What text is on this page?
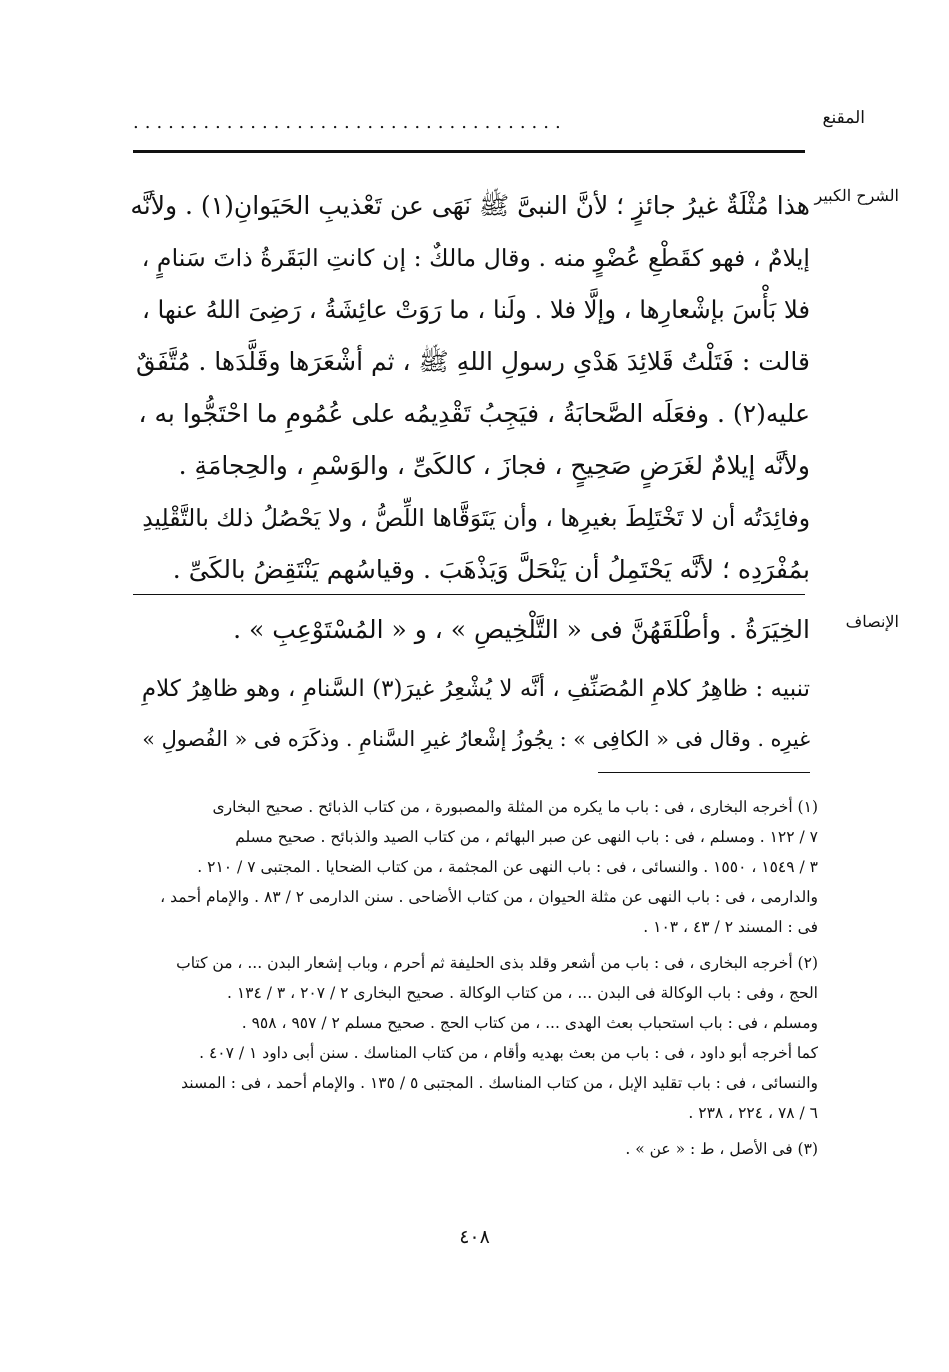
المقنع
.....................................
الشرح الكبير
الإنصاف
هذا مُثْلَةٌ غيرُ جائزٍ ؛ لأنَّ النبىَّ ﷺ نَهَى عن تَعْذيبِ الحَيَوانِ(١) . ولأنَّه
إيلامٌ ، فهو كقَطْعِ عُضْوٍ منه . وقال مالكٌ : إن كانتِ البَقَرةُ ذاتَ سَنامٍ ،
فلا بَأْسَ بإشْعارِها ، وإلَّا فلا . ولَنا ، ما رَوَتْ عائِشَةُ ، رَضِىَ اللهُ عنها ،
قالت : فَتَلْتُ قَلائِدَ هَدْىِ رسولِ اللهِ ﷺ ، ثم أشْعَرَها وقَلَّدَها . مُتَّفَقٌ
عليه(٢) . وفعَلَه الصَّحابَةُ ، فيَجِبُ تَقْدِيمُه على عُمُومِ ما احْتَجُّوا به ،
ولأنَّه إيلامٌ لغَرَضٍ صَحِيحٍ ، فجازَ ، كالكَىِّ ، والوَسْمِ ، والحِجامَةِ .
وفائِدَتُه أن لا تَخْتَلِطَ بغيرِها ، وأن يَتَوَقَّاها اللِّصُّ ، ولا يَحْصُلُ ذلك بالتَّقْلِيدِ
بمُفْرَدِه ؛ لأنَّه يَحْتَمِلُ أن يَنْحَلَّ وَيَذْهَبَ . وقياسُهم يَنْتَقِضُ بالكَىِّ .
الخِيَرَةُ . وأطْلَقَهُنَّ فى « التَّلْخِيصِ » ، و « المُسْتَوْعِبِ » .
تنبيه : ظاهِرُ كلامِ المُصَنِّفِ ، أنَّه لا يُشْعِرُ غيرَ(٣) السَّنامِ ، وهو ظاهِرُ كلامِ
غيرِه . وقال فى « الكافِى » : يجُوزُ إشْعارُ غيرِ السَّنامِ . وذكَرَه فى « الفُصولِ »
(١) أخرجه البخارى ، فى : باب ما يكره من المثلة والمصبورة ، من كتاب الذبائح . صحيح البخارى
٧ / ١٢٢ . ومسلم ، فى : باب النهى عن صبر البهائم ، من كتاب الصيد والذبائح . صحيح مسلم
٣ / ١٥٤٩ ، ١٥٥٠ . والنسائى ، فى : باب النهى عن المجثمة ، من كتاب الضحايا . المجتبى ٧ / ٢١٠ .
والدارمى ، فى : باب النهى عن مثلة الحيوان ، من كتاب الأضاحى . سنن الدارمى ٢ / ٨٣ . والإمام أحمد ،
فى : المسند ٢ / ٤٣ ، ١٠٣ .
(٢) أخرجه البخارى ، فى : باب من أشعر وقلد بذى الحليفة ثم أحرم ، وباب إشعار البدن ... ، من كتاب
الحج ، وفى : باب الوكالة فى البدن ... ، من كتاب الوكالة . صحيح البخارى ٢ / ٢٠٧ ، ٣ / ١٣٤ .
ومسلم ، فى : باب استحباب بعث الهدى ... ، من كتاب الحج . صحيح مسلم ٢ / ٩٥٧ ، ٩٥٨ .
كما أخرجه أبو داود ، فى : باب من بعث بهديه وأقام ، من كتاب المناسك . سنن أبى داود ١ / ٤٠٧ .
والنسائى ، فى : باب تقليد الإبل ، من كتاب المناسك . المجتبى ٥ / ١٣٥ . والإمام أحمد ، فى : المسند
٦ / ٧٨ ، ٢٢٤ ، ٢٣٨ .
(٣) فى الأصل ، ط : « عن » .
٤٠٨
